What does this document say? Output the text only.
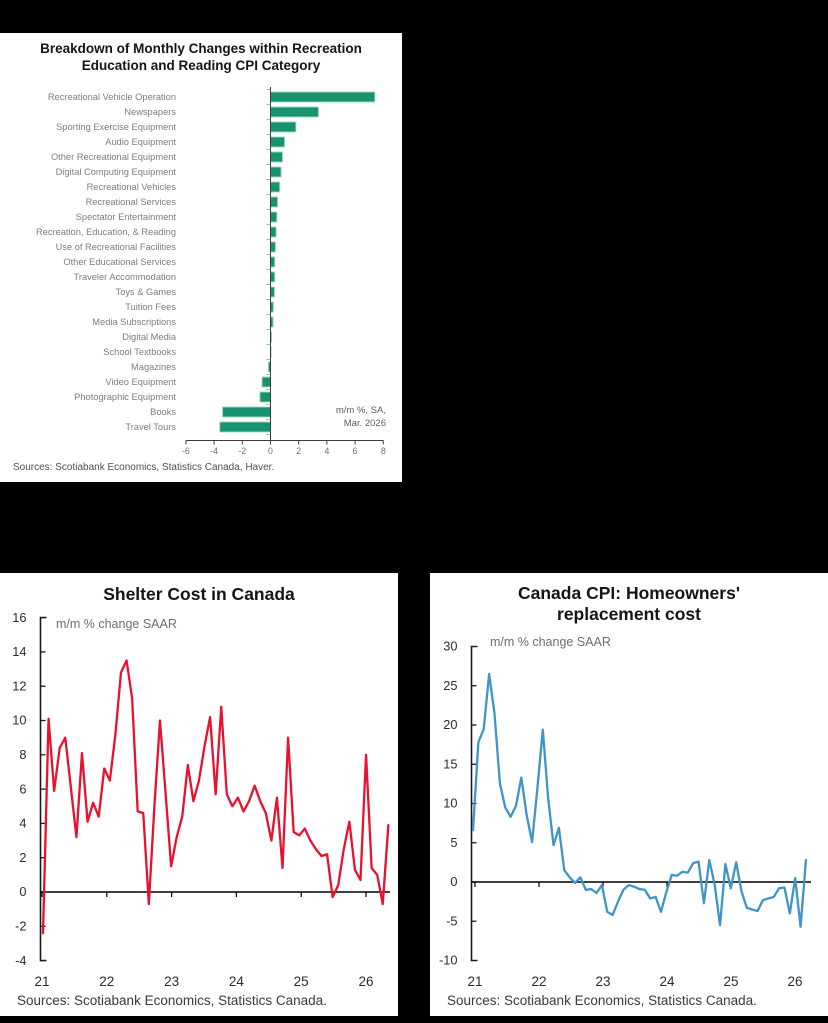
Breakdown of Monthly Changes within Recreation
Education and Reading CPI Category
Recreational Vehicle Operation
Newspapers
Sporting Exercise Equipment
Audio Equipment
Other Recreational Equipment
Digital Computing Equipment
Recreational Vehicles
Recreational Services
Spectator Entertainment
Recreation, Education, & Reading
Use of Recreational Facilities
Other Educational Services
Traveler Accommodation
Toys & Games
Tuition Fees
Media Subscriptions
Digital Media
School Textbooks
Magazines
Video Equipment
Photographic Equipment
Books
Travel Tours
-6 -4 -2 0	2	4	6	8
m/m %, SA,
Mar. 2026
Sources: Scotiabank Economics, Statistics Canada, Haver.
Shelter Cost in Canada
m/m % change SAAR
-4
-2
0
2
4
6
8
10
12
14
16
21	22	23	24	25	26
Sources: Scotiabank Economics, Statistics Canada.
Canada CPI: Homeowners'
replacement cost
m/m % change SAAR
-10
-5
0
5
10
15
20
25
30
21	22	23	24	25	26
Sources: Scotiabank Economics, Statistics Canada.
